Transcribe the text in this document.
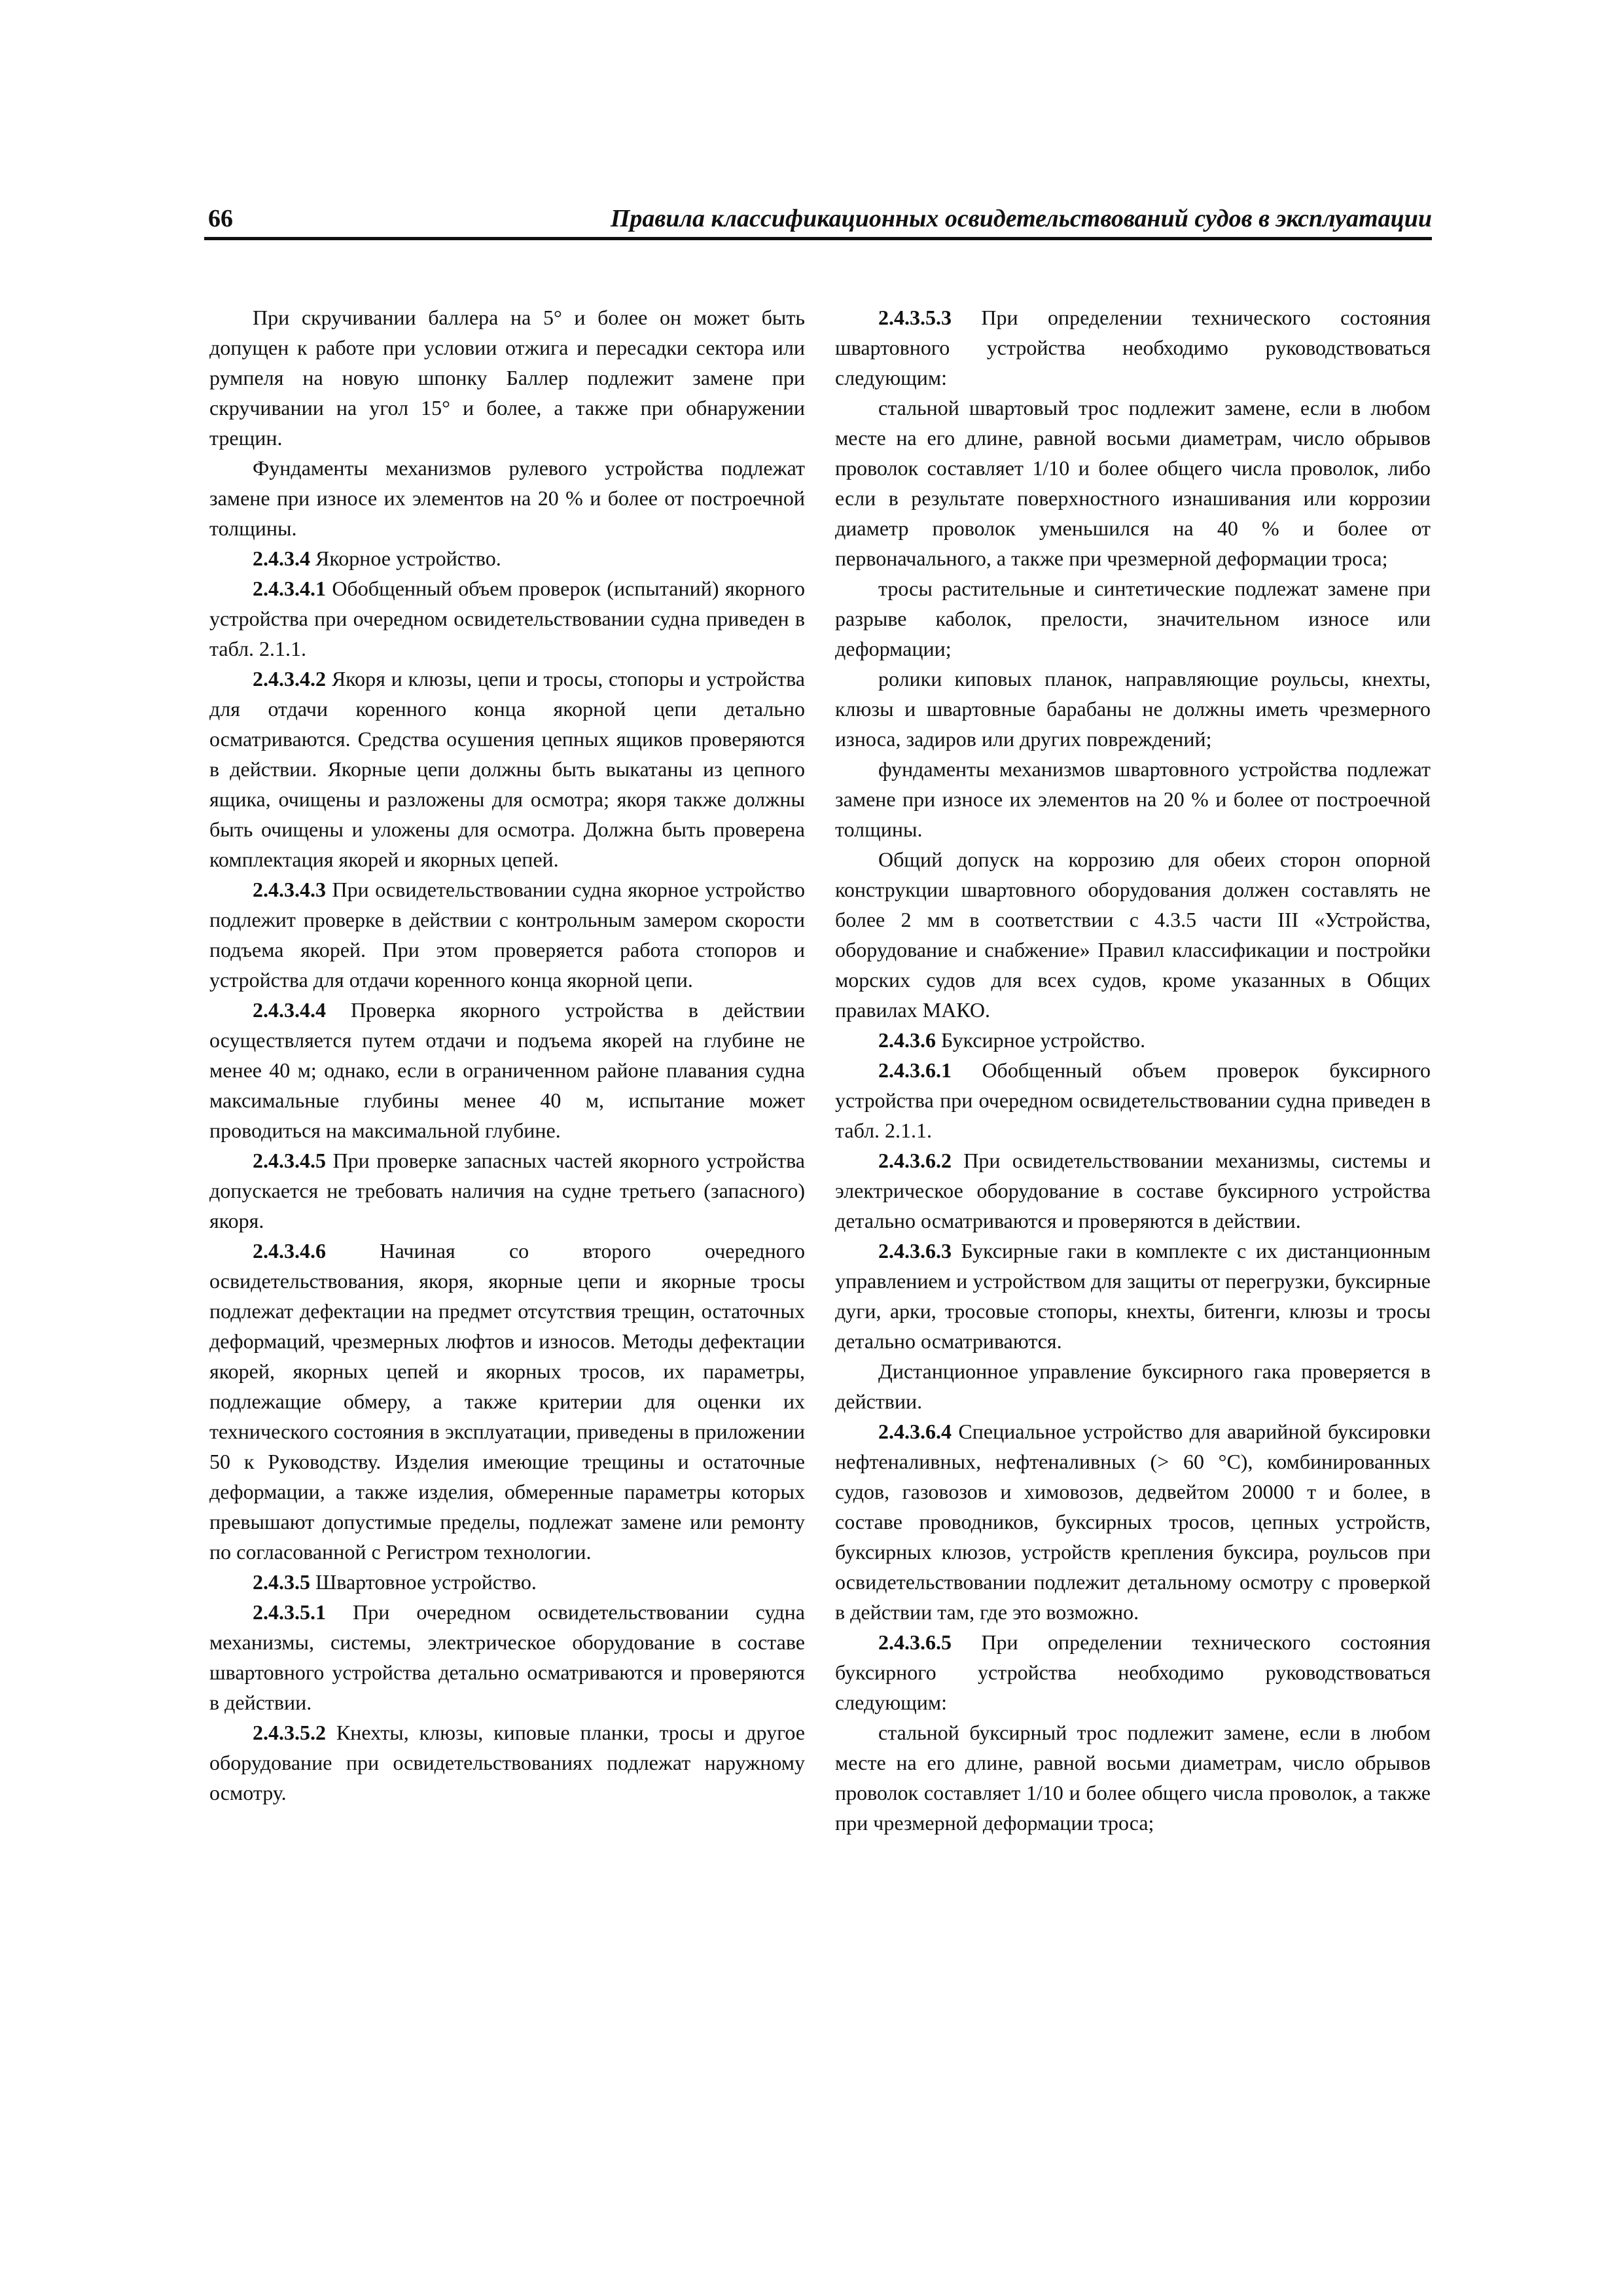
66	Правила классификационных освидетельствований судов в эксплуатации

При скручивании баллера на 5° и более он может быть допущен к работе при условии отжига и пересадки сектора или румпеля на новую шпонку Баллер подлежит замене при скручивании на угол 15° и более, а также при обнаружении трещин.

Фундаменты механизмов рулевого устройства подлежат замене при износе их элементов на 20 % и более от построечной толщины.

2.4.3.4 Якорное устройство.

2.4.3.4.1 Обобщенный объем проверок (испытаний) якорного устройства при очередном освидетельствовании судна приведен в табл. 2.1.1.

2.4.3.4.2 Якоря и клюзы, цепи и тросы, стопоры и устройства для отдачи коренного конца якорной цепи детально осматриваются. Средства осушения цепных ящиков проверяются в действии. Якорные цепи должны быть выкатаны из цепного ящика, очищены и разложены для осмотра; якоря также должны быть очищены и уложены для осмотра. Должна быть проверена комплектация якорей и якорных цепей.

2.4.3.4.3 При освидетельствовании судна якорное устройство подлежит проверке в действии с контрольным замером скорости подъема якорей. При этом проверяется работа стопоров и устройства для отдачи коренного конца якорной цепи.

2.4.3.4.4 Проверка якорного устройства в действии осуществляется путем отдачи и подъема якорей на глубине не менее 40 м; однако, если в ограниченном районе плавания судна максимальные глубины менее 40 м, испытание может проводиться на максимальной глубине.

2.4.3.4.5 При проверке запасных частей якорного устройства допускается не требовать наличия на судне третьего (запасного) якоря.

2.4.3.4.6	Начиная со второго очередного освидетельствования, якоря, якорные цепи и якорные тросы подлежат дефектации на предмет отсутствия трещин, остаточных деформаций, чрезмерных люфтов и износов. Методы дефектации якорей, якорных цепей и якорных тросов, их параметры, подлежащие обмеру, а также критерии для оценки их технического состояния в эксплуатации, приведены в приложении 50 к Руководству. Изделия имеющие трещины и остаточные деформации, а также изделия, обмеренные параметры которых превышают допустимые пределы, подлежат замене или ремонту по согласованной с Регистром технологии.

2.4.3.5 Швартовное устройство.

2.4.3.5.1 При очередном освидетельствовании судна механизмы, системы, электрическое оборудование в составе швартовного устройства детально осматриваются и проверяются в действии.

2.4.3.5.2 Кнехты, клюзы, киповые планки, тросы и другое оборудование при освидетельствованиях подлежат наружному осмотру.

2.4.3.5.3 При определении технического состояния швартовного устройства необходимо руководствоваться следующим:

стальной швартовый трос подлежит замене, если в любом месте на его длине, равной восьми диаметрам, число обрывов проволок составляет 1/10 и более общего числа проволок, либо если в результате поверхностного изнашивания или коррозии диаметр проволок уменьшился на 40 % и более от первоначального, а также при чрезмерной деформации троса;

тросы растительные и синтетические подлежат замене при разрыве каболок, прелости, значительном износе или деформации;

ролики киповых планок, направляющие роульсы, кнехты, клюзы и швартовные барабаны не должны иметь чрезмерного износа, задиров или других повреждений;

фундаменты механизмов швартовного устройства подлежат замене при износе их элементов на 20 % и более от построечной толщины.

Общий допуск на коррозию для обеих сторон опорной конструкции швартовного оборудования должен составлять не более 2 мм в соответствии с 4.3.5 части III «Устройства, оборудование и снабжение» Правил классификации и постройки морских судов для всех судов, кроме указанных в Общих правилах МАКО.

2.4.3.6 Буксирное устройство.

2.4.3.6.1 Обобщенный объем проверок буксирного устройства при очередном освидетельствовании судна приведен в табл. 2.1.1.

2.4.3.6.2 При освидетельствовании механизмы, системы и электрическое оборудование в составе буксирного устройства детально осматриваются и проверяются в действии.

2.4.3.6.3 Буксирные гаки в комплекте с их дистанционным управлением и устройством для защиты от перегрузки, буксирные дуги, арки, тросовые стопоры, кнехты, битенги, клюзы и тросы детально осматриваются.

Дистанционное управление буксирного гака проверяется в действии.

2.4.3.6.4 Специальное устройство для аварийной буксировки нефтеналивных, нефтеналивных (> 60 °С), комбинированных судов, газовозов и химовозов, дедвейтом 20000 т и более, в составе проводников, буксирных тросов, цепных устройств, буксирных клюзов, устройств крепления буксира, роульсов при освидетельствовании подлежит детальному осмотру с проверкой в действии там, где это возможно.

2.4.3.6.5 При определении технического состояния буксирного устройства необходимо руководствоваться следующим:

стальной буксирный трос подлежит замене, если в любом месте на его длине, равной восьми диаметрам, число обрывов проволок составляет 1/10 и более общего числа проволок, а также при чрезмерной деформации троса;
